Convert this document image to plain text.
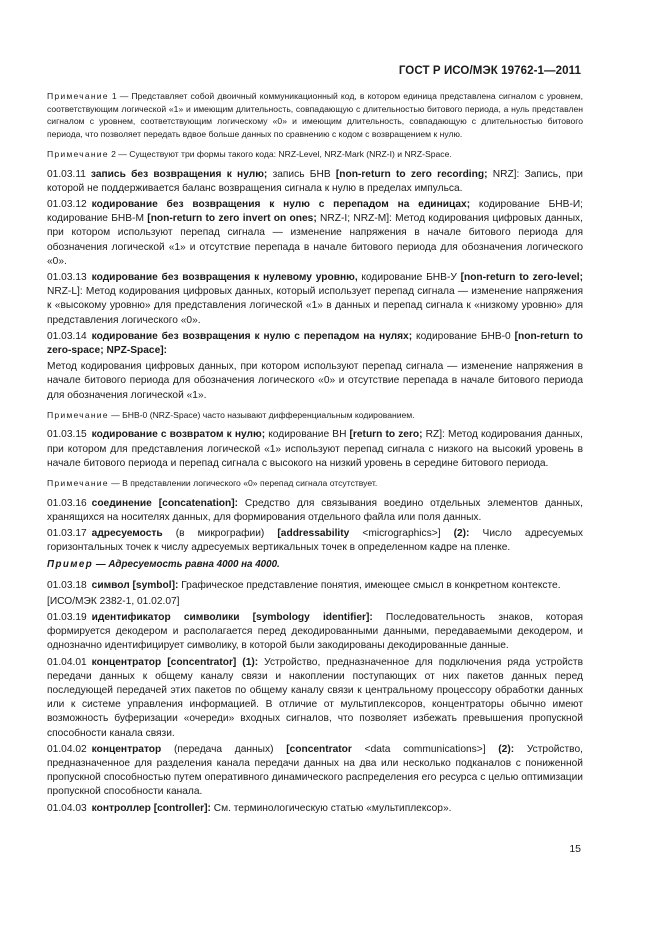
ГОСТ Р ИСО/МЭК 19762-1—2011

Примечание 1 — Представляет собой двоичный коммуникационный код, в котором единица представлена сигналом с уровнем, соответствующим логической «1» и имеющим длительность, совпадающую с длительностью битового периода, а нуль представлен сигналом с уровнем, соответствующим логическому «0» и имеющим длительность, совпадающую с длительностью битового периода, что позволяет передать вдвое больше данных по сравнению с кодом с возвращением к нулю.

Примечание 2 — Существуют три формы такого кода: NRZ-Level, NRZ-Mark (NRZ-I) и NRZ-Space.

01.03.11 запись без возвращения к нулю; запись БНВ [non-return to zero recording; NRZ]: Запись, при которой не поддерживается баланс возвращения сигнала к нулю в пределах импульса.

01.03.12 кодирование без возвращения к нулю с перепадом на единицах; кодирование БНВ-И; кодирование БНВ-М [non-return to zero invert on ones; NRZ-I; NRZ-M]: Метод кодирования цифровых данных, при котором используют перепад сигнала — изменение напряжения в начале битового периода для обозначения логической «1» и отсутствие перепада в начале битового периода для обозначения логического «0».

01.03.13 кодирование без возвращения к нулевому уровню, кодирование БНВ-У [non-return to zero-level; NRZ-L]: Метод кодирования цифровых данных, который использует перепад сигнала — изменение напряжения к «высокому уровню» для представления логической «1» в данных и перепад сигнала к «низкому уровню» для представления логического «0».

01.03.14 кодирование без возвращения к нулю с перепадом на нулях; кодирование БНВ-0 [non-return to zero-space; NPZ-Space]:

Метод кодирования цифровых данных, при котором используют перепад сигнала — изменение напряжения в начале битового периода для обозначения логического «0» и отсутствие перепада в начале битового периода для обозначения логической «1».

Примечание — БНВ-0 (NRZ-Space) часто называют дифференциальным кодированием.

01.03.15 кодирование с возвратом к нулю; кодирование ВН [return to zero; RZ]: Метод кодирования данных, при котором для представления логической «1» используют перепад сигнала с низкого на высокий уровень в начале битового периода и перепад сигнала с высокого на низкий уровень в середине битового периода.

Примечание — В представлении логического «0» перепад сигнала отсутствует.

01.03.16 соединение [concatenation]: Средство для связывания воедино отдельных элементов данных, хранящихся на носителях данных, для формирования отдельного файла или поля данных.

01.03.17 адресуемость (в микрографии) [addressability <micrographics>] (2): Число адресуемых горизонтальных точек к числу адресуемых вертикальных точек в определенном кадре на пленке.

Пример — Адресуемость равна 4000 на 4000.

01.03.18 символ [symbol]: Графическое представление понятия, имеющее смысл в конкретном контексте.

[ИСО/МЭК 2382-1, 01.02.07]

01.03.19 идентификатор символики [symbology identifier]: Последовательность знаков, которая формируется декодером и располагается перед декодированными данными, передаваемыми декодером, и однозначно идентифицирует символику, в которой были закодированы декодированные данные.

01.04.01 концентратор [concentrator] (1): Устройство, предназначенное для подключения ряда устройств передачи данных к общему каналу связи и накоплении поступающих от них пакетов данных перед последующей передачей этих пакетов по общему каналу связи к центральному процессору обработки данных или к системе управления информацией. В отличие от мультиплексоров, концентраторы обычно имеют возможность буферизации «очереди» входных сигналов, что позволяет избежать превышения пропускной способности канала связи.

01.04.02 концентратор (передача данных) [concentrator <data communications>] (2): Устройство, предназначенное для разделения канала передачи данных на два или несколько подканалов с пониженной пропускной способностью путем оперативного динамического распределения его ресурса с целью оптимизации пропускной способности канала.

01.04.03 контроллер [controller]: См. терминологическую статью «мультиплексор».

15
